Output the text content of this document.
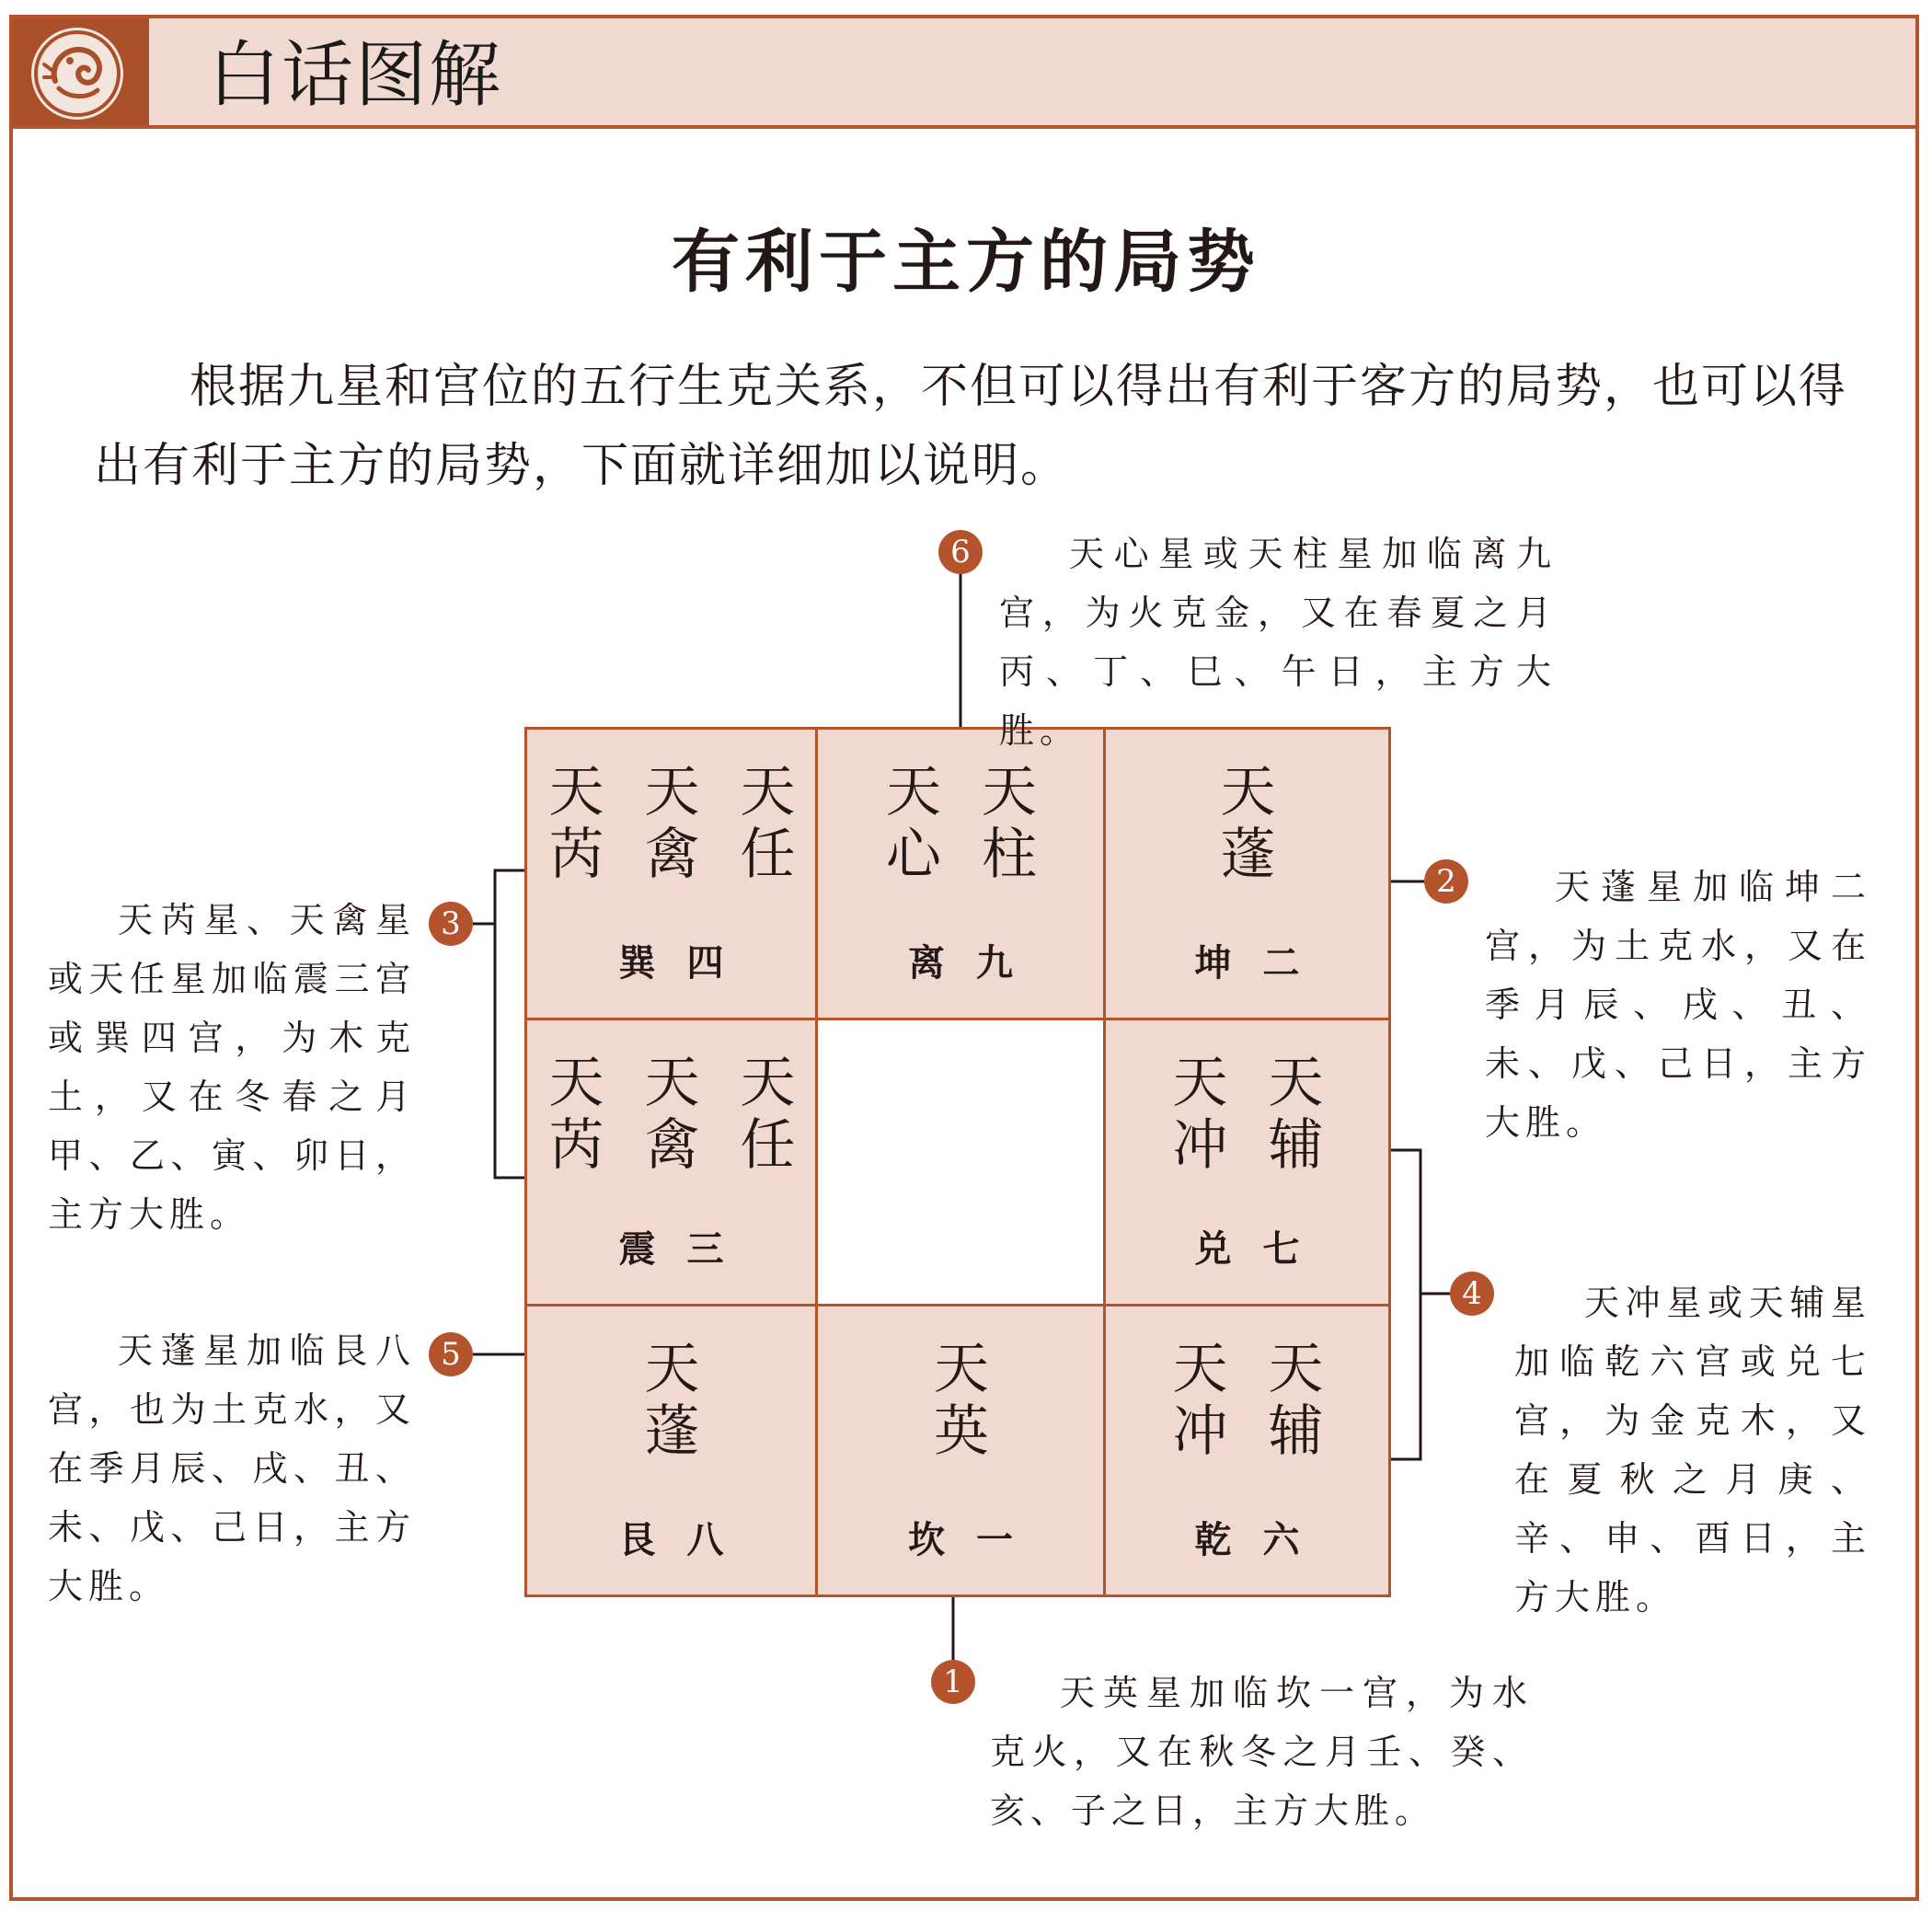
白话图解
有利于主方的局势
根据九星和宫位的五行生克关系，不但可以得出有利于客方的局势，也可以得出有利于主方的局势，下面就详细加以说明。
天芮
天禽
天任
巽四
天心
天柱
离九
天蓬
坤二
天芮
天禽
天任
震三
天冲
天辅
兑七
天蓬
艮八
天英
坎一
天冲
天辅
乾六
6
2
3
4
5
1

天心星或天柱星加临离九宫，为火克金，又在春夏之月丙、丁、巳、午日，主方大胜。

天蓬星加临坤二宫，为土克水，又在季月辰、戌、丑、未、戊、己日，主方大胜。

天芮星、天禽星或天任星加临震三宫或巽四宫，为木克土，又在冬春之月甲、乙、寅、卯日，主方大胜。

天冲星或天辅星加临乾六宫或兑七宫，为金克木，又在夏秋之月庚、辛、申、酉日，主方大胜。

天蓬星加临艮八宫，也为土克水，又在季月辰、戌、丑、未、戊、己日，主方大胜。

天英星加临坎一宫，为水克火，又在秋冬之月壬、癸、亥、子之日，主方大胜。
